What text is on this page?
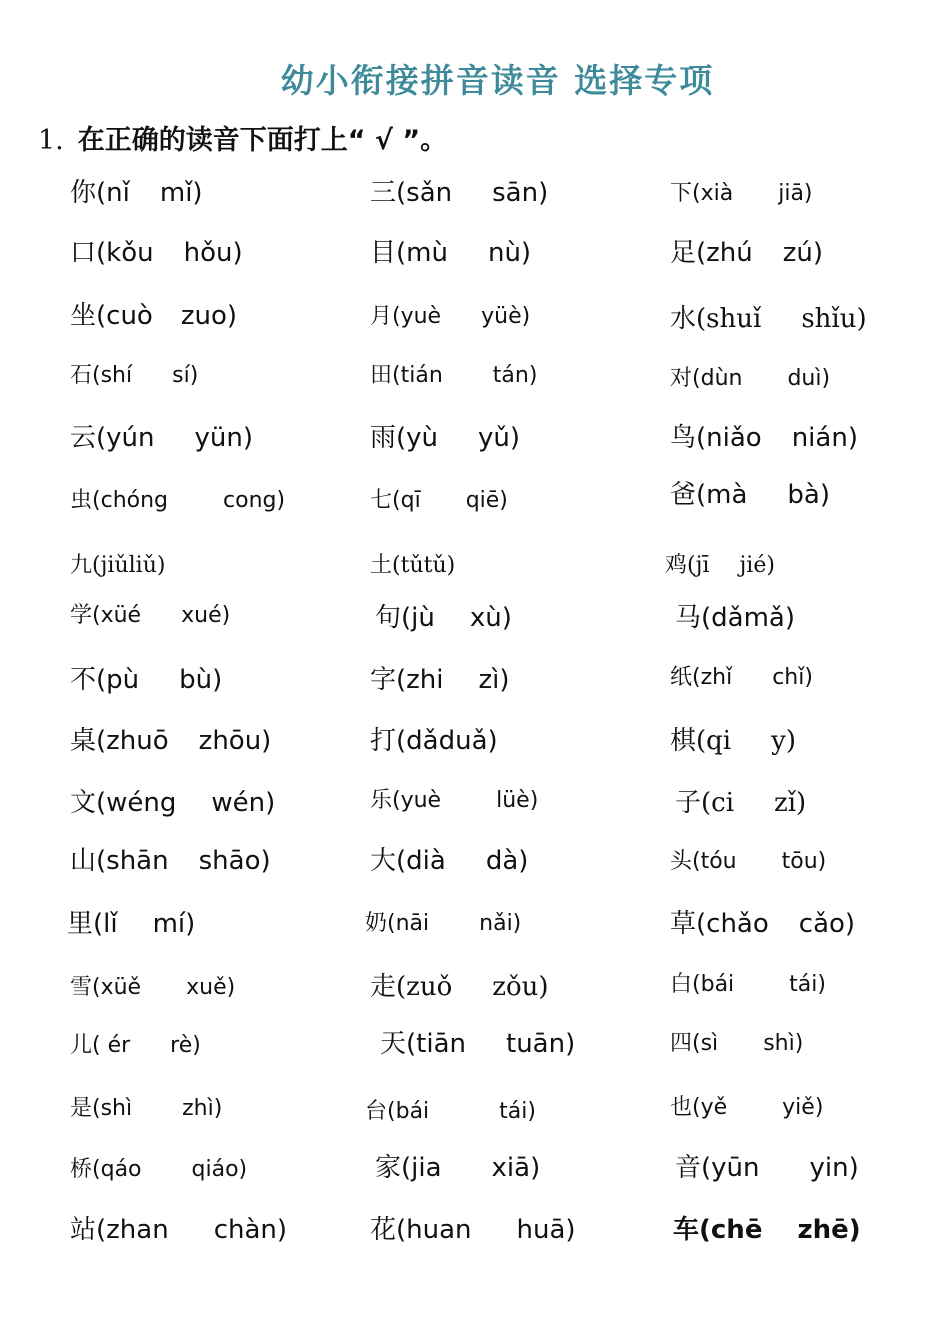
幼小衔接拼音读音 选择专项
1. 在正确的读音下面打上“ √ ”。
你(nǐ mǐ)	三(sǎn sān)	下(xià jiā)
口(kǒu hǒu)	目(mù nù)	足(zhú zú)
坐(cuò zuo)	月(yuè yüè)	水(shuǐ shǐu)
石(shí sí)	田(tián tán)	对(dùn duì)
云(yún yün)	雨(yù yǔ)	鸟(niǎo nián)
虫(chóng	cong)	七(qī qiē)	爸(mà bà)
九(jiǔliǔ)	土(tǔtǔ)	鸡(jī jié)
学(xüé xué)	句(jù xù)	马(dǎmǎ)
不(pù bù)	字(zhi zì)	纸(zhǐ chǐ)
桌(zhuō zhōu)	打(dǎduǎ)	棋(qi y)
文(wéng wén)	乐(yuè	lüè)	子(ci zǐ)
山(shān shāo)	大(dià dà)	头(tóu tōu)
里(lǐ mí)	奶(nāi nǎi)	草(chǎo cǎo)
雪(xüě xuě)	走(zuǒ zǒu)	白(bái	tái)
儿( ér rè)	天(tiān tuān)	四(sì shì)
是(shì zhì)	台(bái	tái)	也(yě	yiě)
桥(qáo qiáo)	家(jia xiā)	音(yūn yin)
站(zhan chàn)	花(huan huā)	车(chē zhē)
